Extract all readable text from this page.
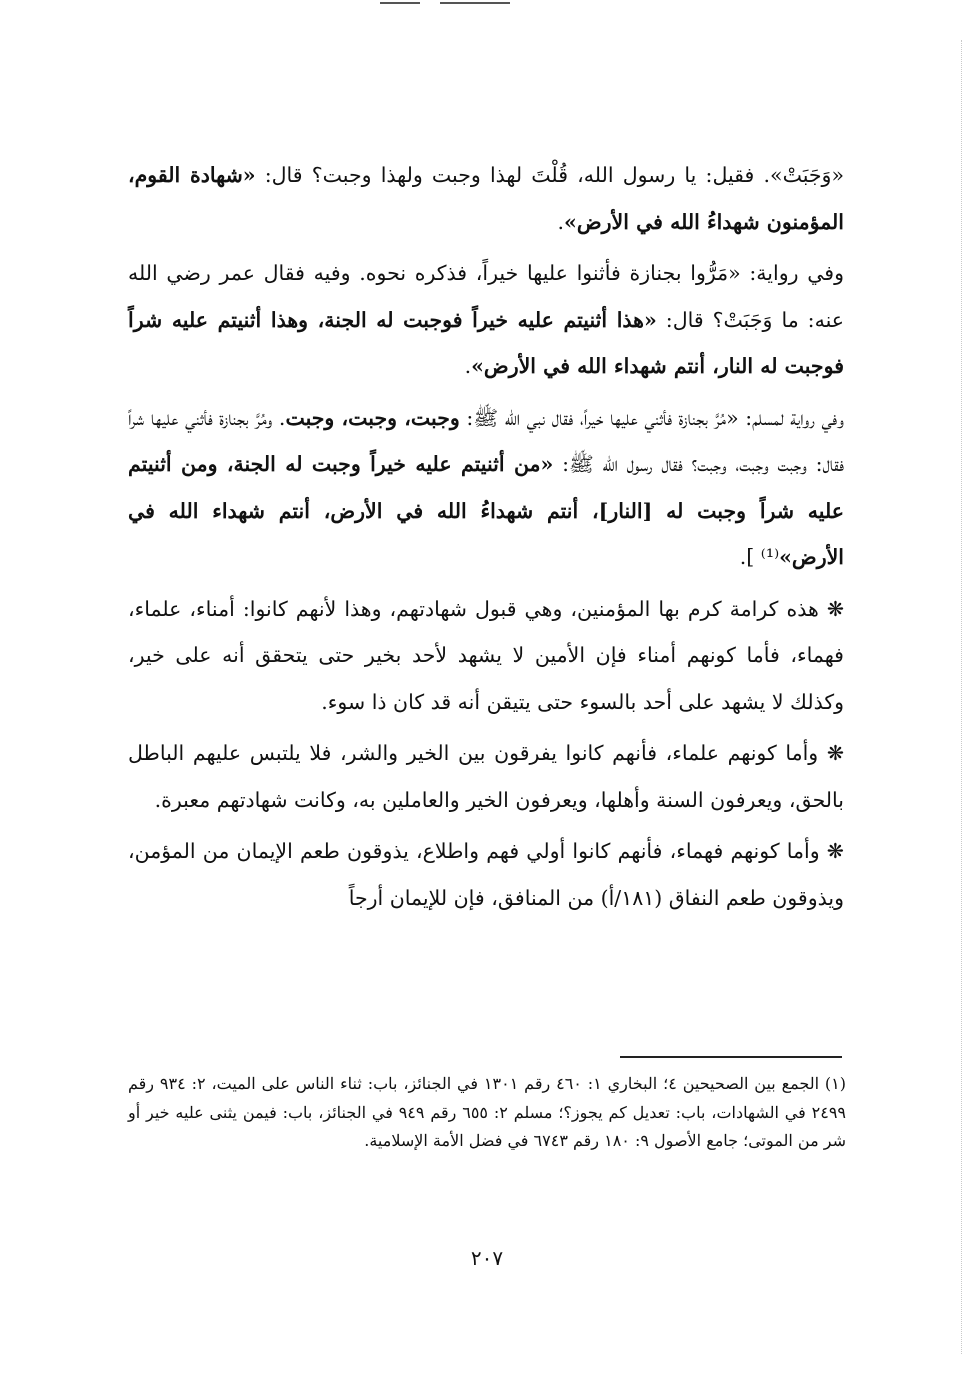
«وَجَبَتْ». فقيل: يا رسول الله، قُلْتَ لهذا وجبت ولهذا وجبت؟ قال: «شهادة القوم، المؤمنون شهداءُ الله في الأرض».

وفي رواية: «مَرُّوا بجنازة فأثنوا عليها خيراً، فذكره نحوه. وفيه فقال عمر رضي الله عنه: ما وَجَبَتْ؟ قال: «هذا أثنيتم عليه خيراً فوجبت له الجنة، وهذا أثنيتم عليه شراً فوجبت له النار، أنتم شهداء الله في الأرض».

وفي رواية لمسلم: «مُرَّ بجنازة فأثني عليها خيراً، فقال نبي الله ﷺ: وجبت، وجبت، وجبت. ومُرَّ بجنازة فأثني عليها شراً فقال: وجبت وجبت، وجبت؟ فقال رسول الله ﷺ: «من أثنيتم عليه خيراً وجبت له الجنة، ومن أثنيتم عليه شراً وجبت له [النار]، أنتم شهداءُ الله في الأرض، أنتم شهداء الله في الأرض»⁽¹⁾ ].

❋ هذه كرامة كرم بها المؤمنين، وهي قبول شهادتهم، وهذا لأنهم كانوا: أمناء، علماء، فهماء، فأما كونهم أمناء فإن الأمين لا يشهد لأحد بخير حتى يتحقق أنه على خير، وكذلك لا يشهد على أحد بالسوء حتى يتيقن أنه قد كان ذا سوء.

❋ وأما كونهم علماء، فأنهم كانوا يفرقون بين الخير والشر، فلا يلتبس عليهم الباطل بالحق، ويعرفون السنة وأهلها، ويعرفون الخير والعاملين به، وكانت شهادتهم معبرة.

❋ وأما كونهم فهماء، فأنهم كانوا أولي فهم واطلاع، يذوقون طعم الإيمان من المؤمن، ويذوقون طعم النفاق (١٨١/أ) من المنافق، فإن للإيمان أرجاً

(١) الجمع بين الصحيحين ٤؛ البخاري ١: ٤٦٠ رقم ١٣٠١ في الجنائز، باب: ثناء الناس على الميت، ٢: ٩٣٤ رقم ٢٤٩٩ في الشهادات، باب: تعديل كم يجوز؟؛ مسلم ٢: ٦٥٥ رقم ٩٤٩ في الجنائز، باب: فيمن يثنى عليه خير أو شر من الموتى؛ جامع الأصول ٩: ١٨٠ رقم ٦٧٤٣ في فضل الأمة الإسلامية.
٢٠٧
